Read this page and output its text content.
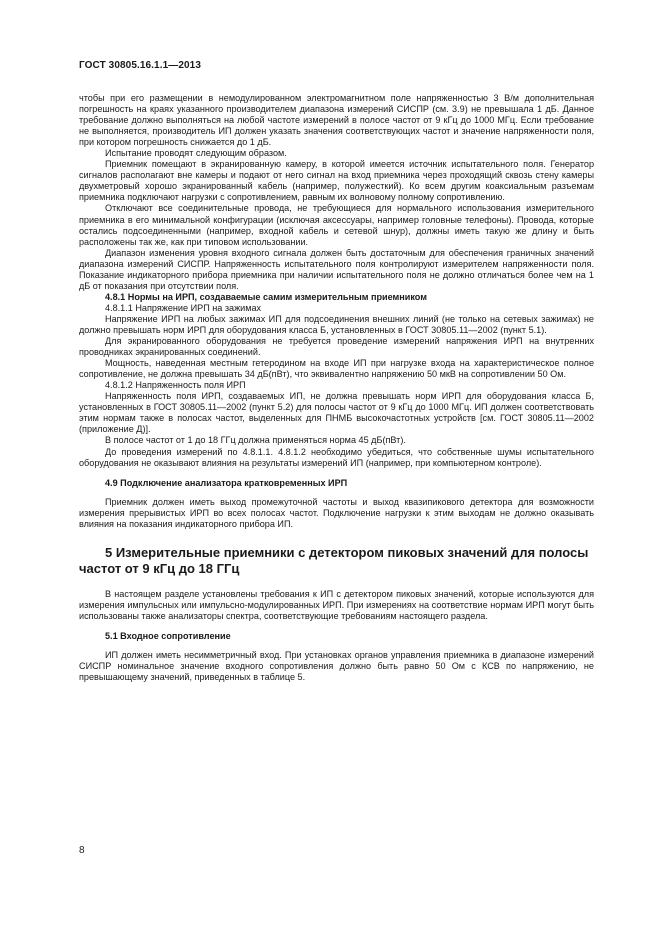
ГОСТ 30805.16.1.1—2013

чтобы при его размещении в немодулированном электромагнитном поле напряженностью 3 В/м дополнительная погрешность на краях указанного производителем диапазона измерений СИСПР (см. 3.9) не превышала 1 дБ. Данное требование должно выполняться на любой частоте измерений в полосе частот от 9 кГц до 1000 МГц. Если требование не выполняется, производитель ИП должен указать значения соответствующих частот и значение напряженности поля, при котором погрешность снижается до 1 дБ.

Испытание проводят следующим образом.

Приемник помещают в экранированную камеру, в которой имеется источник испытательного поля. Генератор сигналов располагают вне камеры и подают от него сигнал на вход приемника через проходящий сквозь стену камеры двухметровый хорошо экранированный кабель (например, полужесткий). Ко всем другим коаксиальным разъемам приемника подключают нагрузки с сопротивлением, равным их волновому полному сопротивлению.

Отключают все соединительные провода, не требующиеся для нормального использования измерительного приемника в его минимальной конфигурации (исключая аксессуары, например головные телефоны). Провода, которые остались подсоединенными (например, входной кабель и сетевой шнур), должны иметь такую же длину и быть расположены так же, как при типовом использовании.

Диапазон изменения уровня входного сигнала должен быть достаточным для обеспечения граничных значений диапазона измерений СИСПР. Напряженность испытательного поля контролируют измерителем напряженности поля. Показание индикаторного прибора приемника при наличии испытательного поля не должно отличаться более чем на 1 дБ от показания при отсутствии поля.

4.8.1 Нормы на ИРП, создаваемые самим измерительным приемником

4.8.1.1 Напряжение ИРП на зажимах

Напряжение ИРП на любых зажимах ИП для подсоединения внешних линий (не только на сетевых зажимах) не должно превышать норм ИРП для оборудования класса Б, установленных в ГОСТ 30805.11—2002 (пункт 5.1).

Для экранированного оборудования не требуется проведение измерений напряжения ИРП на внутренних проводниках экранированных соединений.

Мощность, наведенная местным гетеродином на входе ИП при нагрузке входа на характеристическое полное сопротивление, не должна превышать 34 дБ(пВт), что эквивалентно напряжению 50 мкВ на сопротивлении 50 Ом.

4.8.1.2 Напряженность поля ИРП

Напряженность поля ИРП, создаваемых ИП, не должна превышать норм ИРП для оборудования класса Б, установленных в ГОСТ 30805.11—2002 (пункт 5.2) для полосы частот от 9 кГц до 1000 МГц. ИП должен соответствовать этим нормам также в полосах частот, выделенных для ПНМБ высокочастотных устройств [см. ГОСТ 30805.11—2002 (приложение Д)].

В полосе частот от 1 до 18 ГГц должна применяться норма 45 дБ(пВт).

До проведения измерений по 4.8.1.1. 4.8.1.2 необходимо убедиться, что собственные шумы испытательного оборудования не оказывают влияния на результаты измерений ИП (например, при компьютерном контроле).

4.9 Подключение анализатора кратковременных ИРП

Приемник должен иметь выход промежуточной частоты и выход квазипикового детектора для возможности измерения прерывистых ИРП во всех полосах частот. Подключение нагрузки к этим выходам не должно оказывать влияния на показания индикаторного прибора ИП.

5 Измерительные приемники с детектором пиковых значений для полосы частот от 9 кГц до 18 ГГц

В настоящем разделе установлены требования к ИП с детектором пиковых значений, которые используются для измерения импульсных или импульсно-модулированных ИРП. При измерениях на соответствие нормам ИРП могут быть использованы также анализаторы спектра, соответствующие требованиям настоящего раздела.

5.1 Входное сопротивление

ИП должен иметь несимметричный вход. При установках органов управления приемника в диапазоне измерений СИСПР номинальное значение входного сопротивления должно быть равно 50 Ом с КСВ по напряжению, не превышающему значений, приведенных в таблице 5.

8
